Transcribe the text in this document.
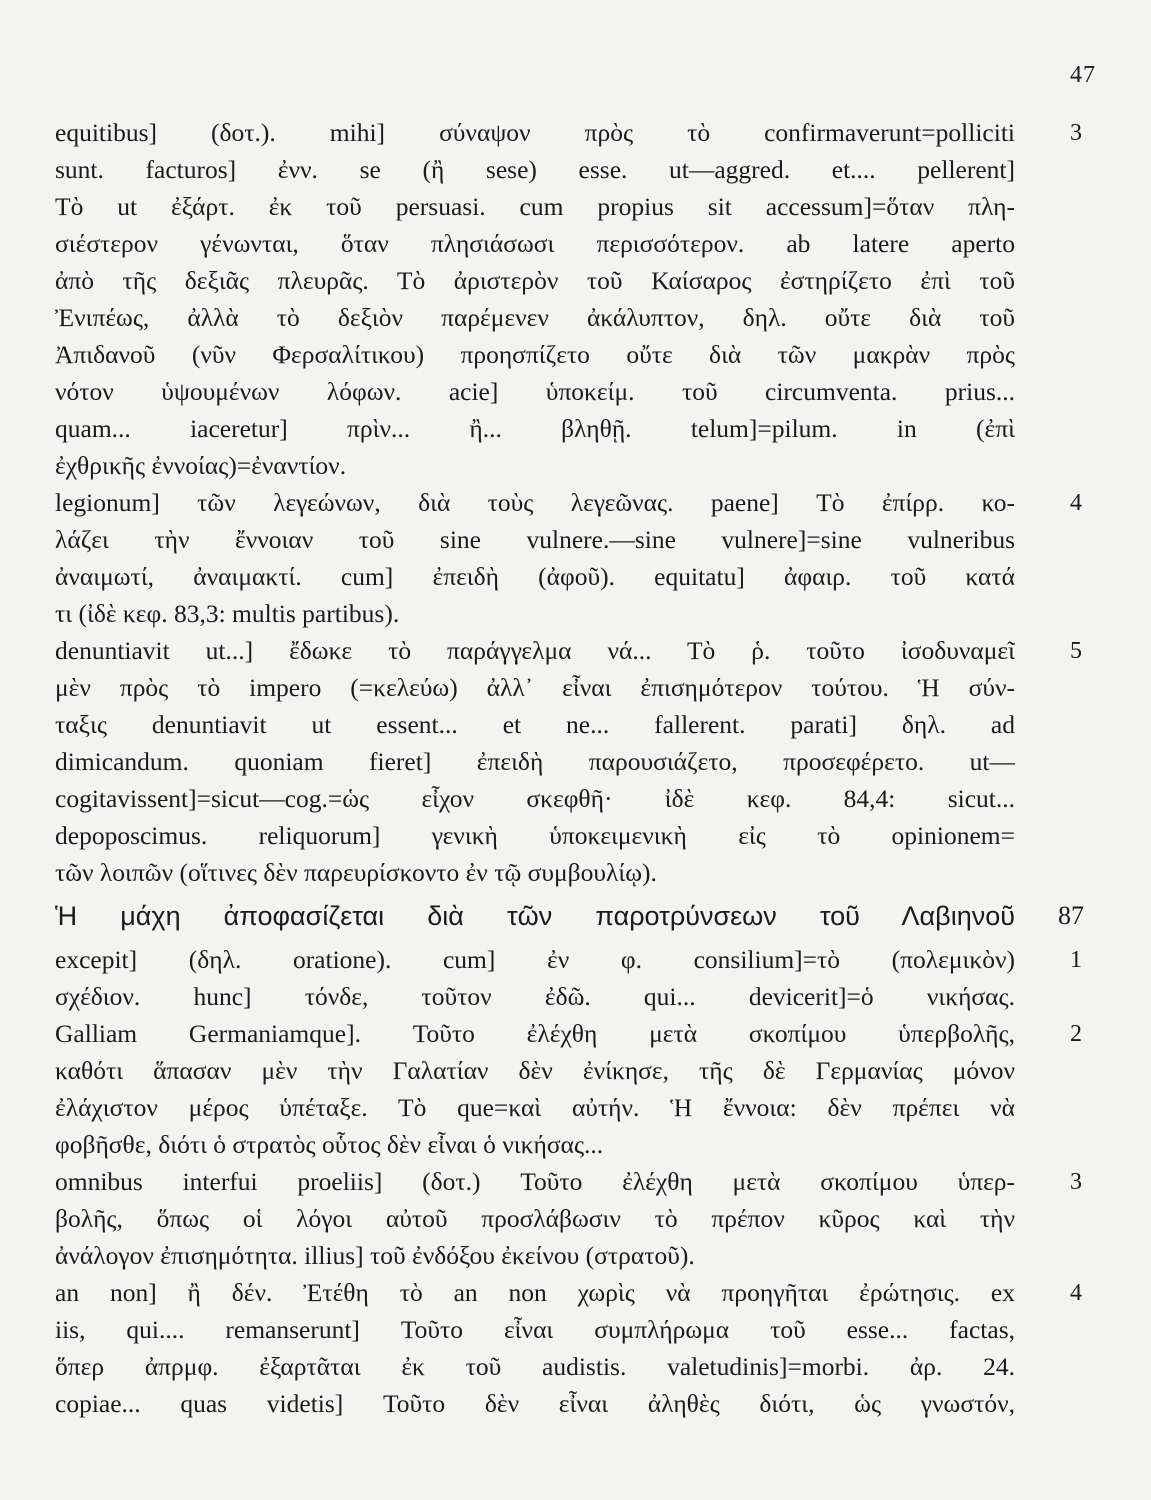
47
equitibus] (δοτ.). mihi] σύναψον πρὸς τὸ confirmaverunt=polliciti
sunt. facturos] ἐνν. se (ἢ sese) esse. ut—aggred. et.... pellerent]
Τὸ ut ἐξάρτ. ἐκ τοῦ persuasi. cum propius sit accessum]=ὅταν πλη-
σιέστερον γένωνται, ὅταν πλησιάσωσι περισσότερον. ab latere aperto
ἀπὸ τῆς δεξιᾶς πλευρᾶς. Τὸ ἀριστερὸν τοῦ Καίσαρος ἐστηρίζετο ἐπὶ τοῦ
Ἐνιπέως, ἀλλὰ τὸ δεξιὸν παρέμενεν ἀκάλυπτον, δηλ. οὔτε διὰ τοῦ
Ἀπιδανοῦ (νῦν Φερσαλίτικου) προησπίζετο οὔτε διὰ τῶν μακρὰν πρὸς
νότον ὑψουμένων λόφων. acie] ὑποκείμ. τοῦ circumventa. prius...
quam... iaceretur] πρὶν... ἢ... βληθῇ. telum]=pilum. in (ἐπὶ
ἐχθρικῆς ἐννοίας)=ἐναντίον.
legionum] τῶν λεγεώνων, διὰ τοὺς λεγεῶνας. paene] Τὸ ἐπίρρ. κο-
λάζει τὴν ἔννοιαν τοῦ sine vulnere.—sine vulnere]=sine vulneribus
ἀναιμωτί, ἀναιμακτί. cum] ἐπειδὴ (ἀφοῦ). equitatu] ἀφαιρ. τοῦ κατά
τι (ἰδὲ κεφ. 83,3: multis partibus).
denuntiavit ut...] ἔδωκε τὸ παράγγελμα νά... Τὸ ῥ. τοῦτο ἰσοδυναμεῖ
μὲν πρὸς τὸ impero (=κελεύω) ἀλλ᾽ εἶναι ἐπισημότερον τούτου. Ἡ σύν-
ταξις denuntiavit ut essent... et ne... fallerent. parati] δηλ. ad
dimicandum. quoniam fieret] ἐπειδὴ παρουσιάζετο, προσεφέρετο. ut—
cogitavissent]=sicut—cog.=ὡς εἶχον σκεφθῆ· ἰδὲ κεφ. 84,4: sicut...
depoposcimus. reliquorum] γενικὴ ὑποκειμενικὴ εἰς τὸ opinionem=
τῶν λοιπῶν (οἵτινες δὲν παρευρίσκοντο ἐν τῷ συμβουλίῳ).
3
4
5
Ἡ μάχη ἀποφασίζεται διὰ τῶν παροτρύνσεων τοῦ Λαβιηνοῦ 87
excepit] (δηλ. oratione). cum] ἐν φ. consilium]=τὸ (πολεμικὸν)
σχέδιον. hunc] τόνδε, τοῦτον ἐδῶ. qui... devicerit]=ὁ νικήσας.
Galliam Germaniamque]. Τοῦτο ἐλέχθη μετὰ σκοπίμου ὑπερβολῆς,
καθότι ἅπασαν μὲν τὴν Γαλατίαν δὲν ἐνίκησε, τῆς δὲ Γερμανίας μόνον
ἐλάχιστον μέρος ὑπέταξε. Τὸ que=καὶ αὐτήν. Ἡ ἔννοια: δὲν πρέπει νὰ
φοβῆσθε, διότι ὁ στρατὸς οὗτος δὲν εἶναι ὁ νικήσας...
omnibus interfui proeliis] (δοτ.) Τοῦτο ἐλέχθη μετὰ σκοπίμου ὑπερ-
βολῆς, ὅπως οἱ λόγοι αὐτοῦ προσλάβωσιν τὸ πρέπον κῦρος καὶ τὴν
ἀνάλογον ἐπισημότητα. illius] τοῦ ἐνδόξου ἐκείνου (στρατοῦ).
an non] ἢ δέν. Ἐτέθη τὸ an non χωρὶς νὰ προηγῆται ἐρώτησις. ex
iis, qui.... remanserunt] Τοῦτο εἶναι συμπλήρωμα τοῦ esse... factas,
ὅπερ ἀπρμφ. ἐξαρτᾶται ἐκ τοῦ audistis. valetudinis]=morbi. ἀρ. 24.
copiae... quas videtis] Τοῦτο δὲν εἶναι ἀληθὲς διότι, ὡς γνωστόν,
1
2
3
4
